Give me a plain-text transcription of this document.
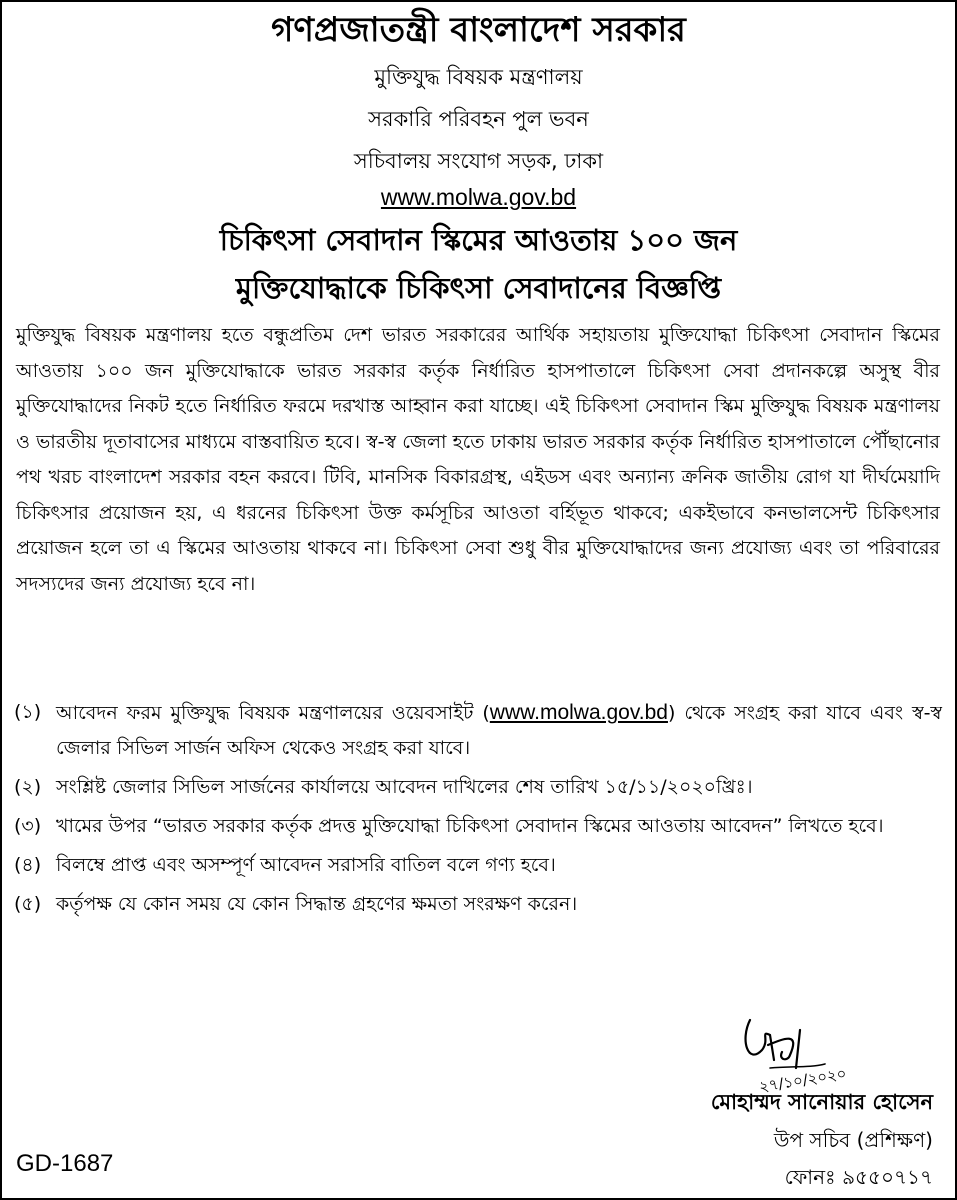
গণপ্রজাতন্ত্রী বাংলাদেশ সরকার
মুক্তিযুদ্ধ বিষয়ক মন্ত্রণালয়
সরকারি পরিবহন পুল ভবন
সচিবালয় সংযোগ সড়ক, ঢাকা
www.molwa.gov.bd
চিকিৎসা সেবাদান স্কিমের আওতায় ১০০ জন
মুক্তিযোদ্ধাকে চিকিৎসা সেবাদানের বিজ্ঞপ্তি
মুক্তিযুদ্ধ বিষয়ক মন্ত্রণালয় হতে বন্ধুপ্রতিম দেশ ভারত সরকারের আর্থিক সহায়তায় মুক্তিযোদ্ধা চিকিৎসা সেবাদান স্কিমের আওতায় ১০০ জন মুক্তিযোদ্ধাকে ভারত সরকার কর্তৃক নির্ধারিত হাসপাতালে চিকিৎসা সেবা প্রদানকল্পে অসুস্থ বীর মুক্তিযোদ্ধাদের নিকট হতে নির্ধারিত ফরমে দরখাস্ত আহ্বান করা যাচ্ছে। এই চিকিৎসা সেবাদান স্কিম মুক্তিযুদ্ধ বিষয়ক মন্ত্রণালয় ও ভারতীয় দূতাবাসের মাধ্যমে বাস্তবায়িত হবে। স্ব-স্ব জেলা হতে ঢাকায় ভারত সরকার কর্তৃক নির্ধারিত হাসপাতালে পৌঁছানোর পথ খরচ বাংলাদেশ সরকার বহন করবে। টিবি, মানসিক বিকারগ্রস্থ, এইডস এবং অন্যান্য ক্রনিক জাতীয় রোগ যা দীর্ঘমেয়াদি চিকিৎসার প্রয়োজন হয়, এ ধরনের চিকিৎসা উক্ত কর্মসূচির আওতা বর্হিভূত থাকবে; একইভাবে কনভালসেন্ট চিকিৎসার প্রয়োজন হলে তা এ স্কিমের আওতায় থাকবে না। চিকিৎসা সেবা শুধু বীর মুক্তিযোদ্ধাদের জন্য প্রযোজ্য এবং তা পরিবারের সদস্যদের জন্য প্রযোজ্য হবে না।
(১) আবেদন ফরম মুক্তিযুদ্ধ বিষয়ক মন্ত্রণালয়ের ওয়েবসাইট (www.molwa.gov.bd) থেকে সংগ্রহ করা যাবে এবং স্ব-স্ব জেলার সিভিল সার্জন অফিস থেকেও সংগ্রহ করা যাবে।
(২) সংশ্লিষ্ট জেলার সিভিল সার্জনের কার্যালয়ে আবেদন দাখিলের শেষ তারিখ ১৫/১১/২০২০খ্রিঃ।
(৩) খামের উপর “ভারত সরকার কর্তৃক প্রদত্ত মুক্তিযোদ্ধা চিকিৎসা সেবাদান স্কিমের আওতায় আবেদন” লিখতে হবে।
(৪) বিলম্বে প্রাপ্ত এবং অসম্পূর্ণ আবেদন সরাসরি বাতিল বলে গণ্য হবে।
(৫) কর্তৃপক্ষ যে কোন সময় যে কোন সিদ্ধান্ত গ্রহণের ক্ষমতা সংরক্ষণ করেন।
২৭/১০/২০২০
মোহাম্মদ সানোয়ার হোসেন
উপ সচিব (প্রশিক্ষণ)
ফোনঃ ৯৫৫০৭১৭
GD-1687
